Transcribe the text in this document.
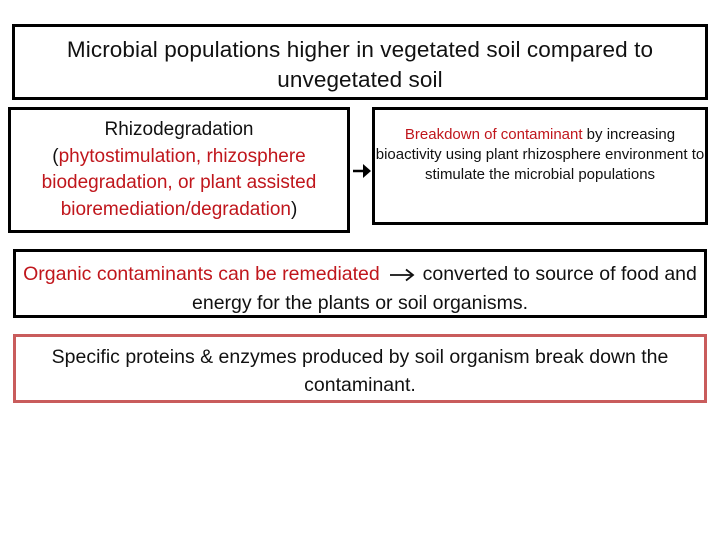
Microbial populations higher in vegetated soil compared to
unvegetated soil
Rhizodegradation
(phytostimulation, rhizosphere biodegradation, or plant assisted bioremediation/degradation)
Breakdown of contaminant by increasing bioactivity using plant rhizosphere environment to stimulate the microbial populations
Organic contaminants can be remediated converted to source of food and energy for the plants or soil organisms.
Specific proteins & enzymes produced by soil organism break down the contaminant.
